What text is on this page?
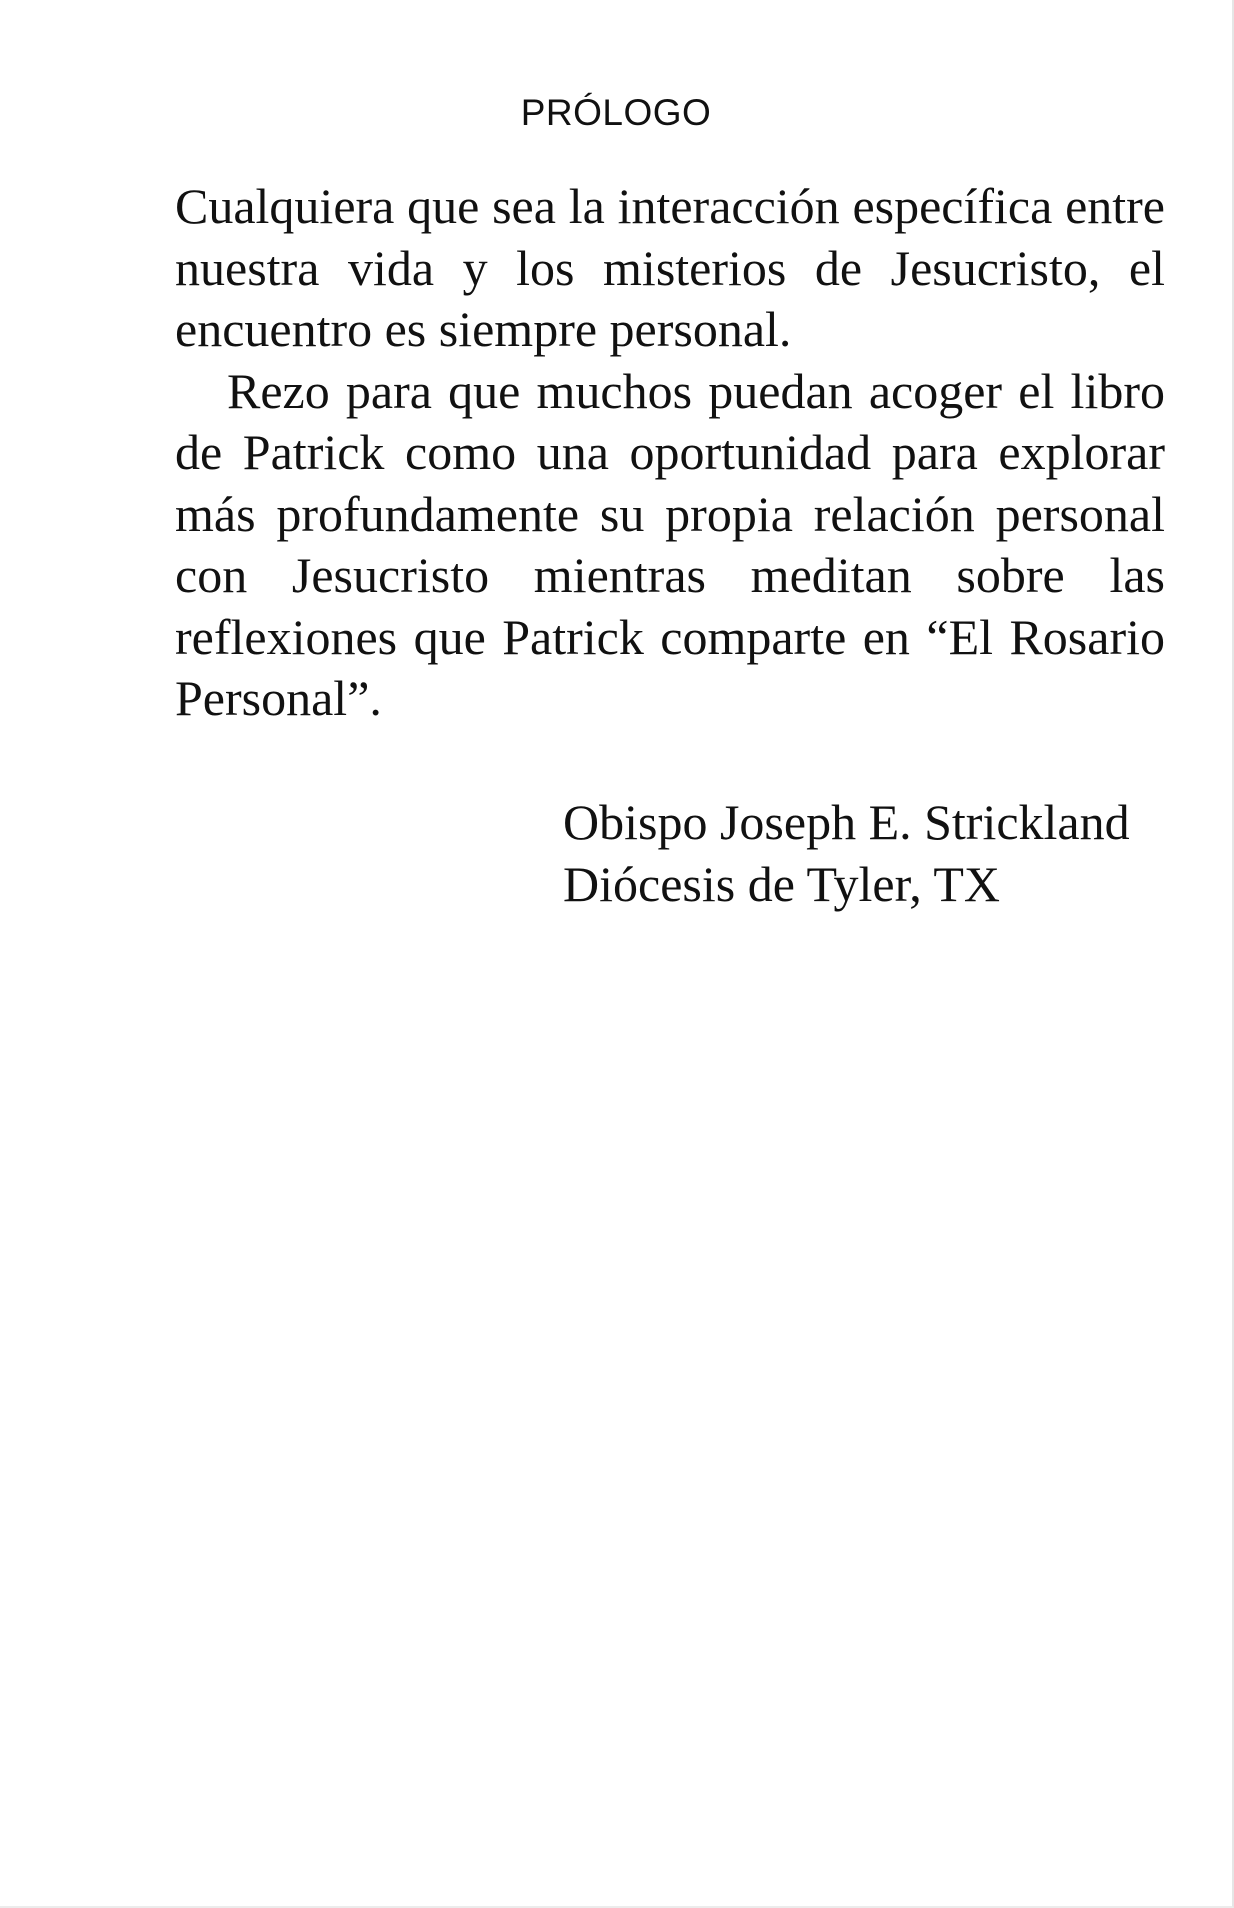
PRÓLOGO

Cualquiera que sea la interacción específica entre nuestra vida y los misterios de Jesucristo, el encuentro es siempre personal.

Rezo para que muchos puedan acoger el libro de Patrick como una oportunidad para explorar más profundamente su propia relación personal con Jesucristo mientras meditan sobre las reflexiones que Patrick comparte en “El Rosario Personal”.

Obispo Joseph E. Strickland
Diócesis de Tyler, TX
